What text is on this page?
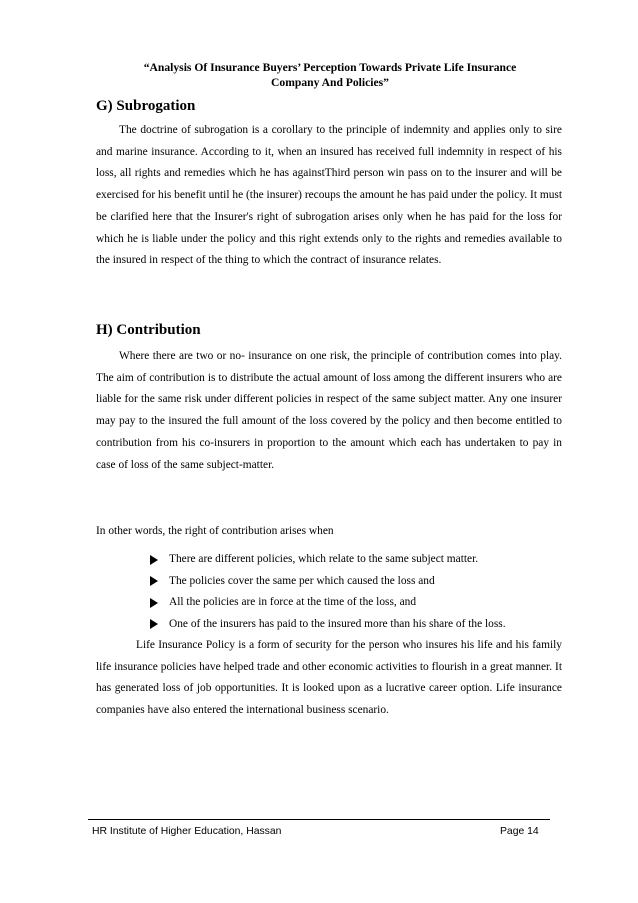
“Analysis Of Insurance Buyers’ Perception Towards Private Life Insurance
Company And Policies”
G) Subrogation

The doctrine of subrogation is a corollary to the principle of indemnity and applies only to sire and marine insurance. According to it, when an insured has received full indemnity in respect of his loss, all rights and remedies which he has againstThird person win pass on to the insurer and will be exercised for his benefit until he (the insurer) recoups the amount he has paid under the policy. It must be clarified here that the Insurer's right of subrogation arises only when he has paid for the loss for which he is liable under the policy and this right extends only to the rights and remedies available to the insured in respect of the thing to which the contract of insurance relates.

H) Contribution

Where there are two or no- insurance on one risk, the principle of contribution comes into play. The aim of contribution is to distribute the actual amount of loss among the different insurers who are liable for the same risk under different policies in respect of the same subject matter. Any one insurer may pay to the insured the full amount of the loss covered by the policy and then become entitled to contribution from his co-insurers in proportion to the amount which each has undertaken to pay in case of loss of the same subject-matter.

In other words, the right of contribution arises when
There are different policies, which relate to the same subject matter.
The policies cover the same per which caused the loss and
All the policies are in force at the time of the loss, and
One of the insurers has paid to the insured more than his share of the loss.

Life Insurance Policy is a form of security for the person who insures his life and his family life insurance policies have helped trade and other economic activities to flourish in a great manner. It has generated loss of job opportunities. It is looked upon as a lucrative career option. Life insurance companies have also entered the international business scenario.

HR Institute of Higher Education, Hassan	Page 14
